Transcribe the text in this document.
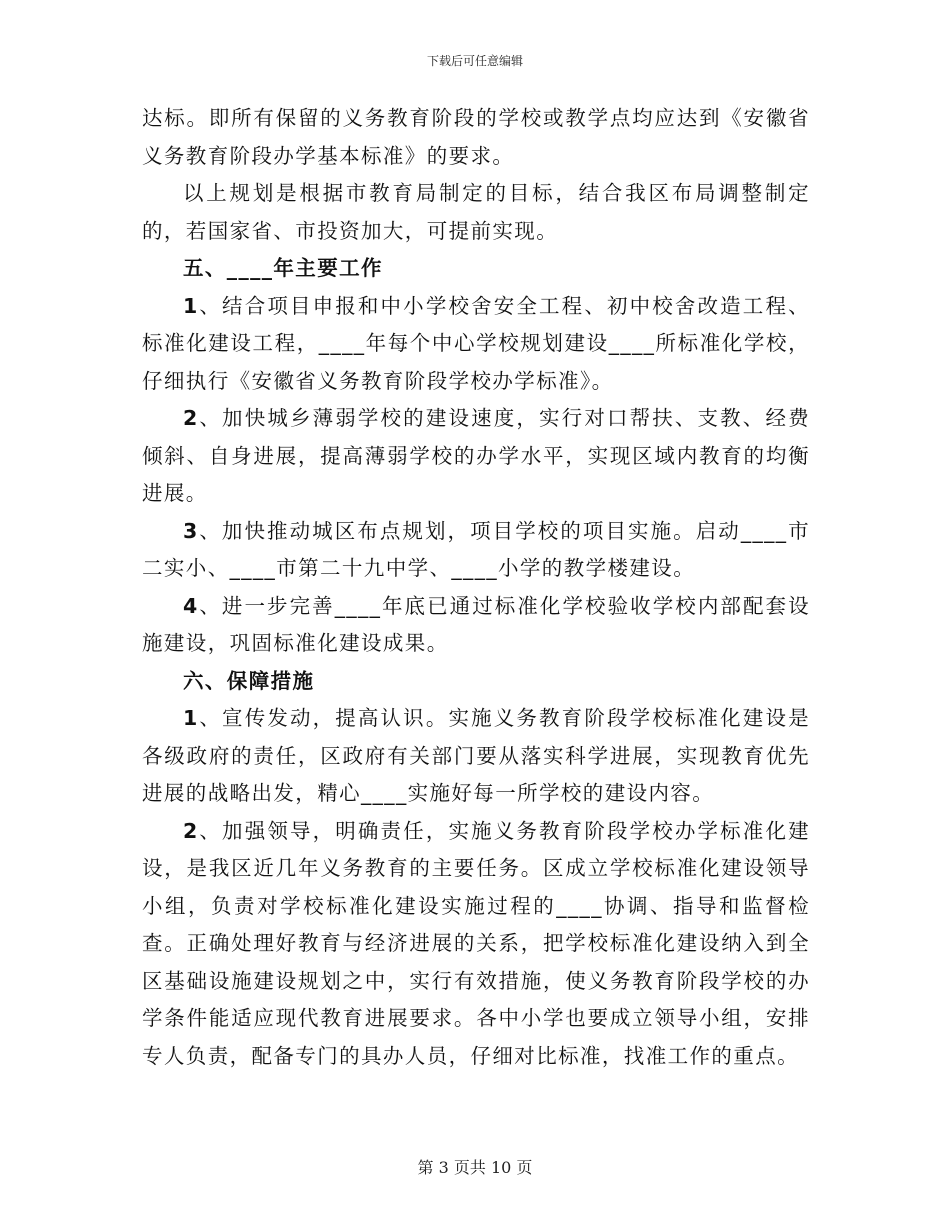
下载后可任意编辑

达标。即所有保留的义务教育阶段的学校或教学点均应达到《安徽省义务教育阶段办学基本标准》的要求。

以上规划是根据市教育局制定的目标，结合我区布局调整制定的，若国家省、市投资加大，可提前实现。

五、____年主要工作

1、结合项目申报和中小学校舍安全工程、初中校舍改造工程、标准化建设工程，____年每个中心学校规划建设____所标准化学校，仔细执行《安徽省义务教育阶段学校办学标准》。

2、加快城乡薄弱学校的建设速度，实行对口帮扶、支教、经费倾斜、自身进展，提高薄弱学校的办学水平，实现区域内教育的均衡进展。

3、加快推动城区布点规划，项目学校的项目实施。启动____市二实小、____市第二十九中学、____小学的教学楼建设。

4、进一步完善____年底已通过标准化学校验收学校内部配套设施建设，巩固标准化建设成果。

六、保障措施

1、宣传发动，提高认识。实施义务教育阶段学校标准化建设是各级政府的责任，区政府有关部门要从落实科学进展，实现教育优先进展的战略出发，精心____实施好每一所学校的建设内容。

2、加强领导，明确责任，实施义务教育阶段学校办学标准化建设，是我区近几年义务教育的主要任务。区成立学校标准化建设领导小组，负责对学校标准化建设实施过程的____协调、指导和监督检查。正确处理好教育与经济进展的关系，把学校标准化建设纳入到全区基础设施建设规划之中，实行有效措施，使义务教育阶段学校的办学条件能适应现代教育进展要求。各中小学也要成立领导小组，安排专人负责，配备专门的具办人员，仔细对比标准，找准工作的重点。

第 3 页共 10 页
